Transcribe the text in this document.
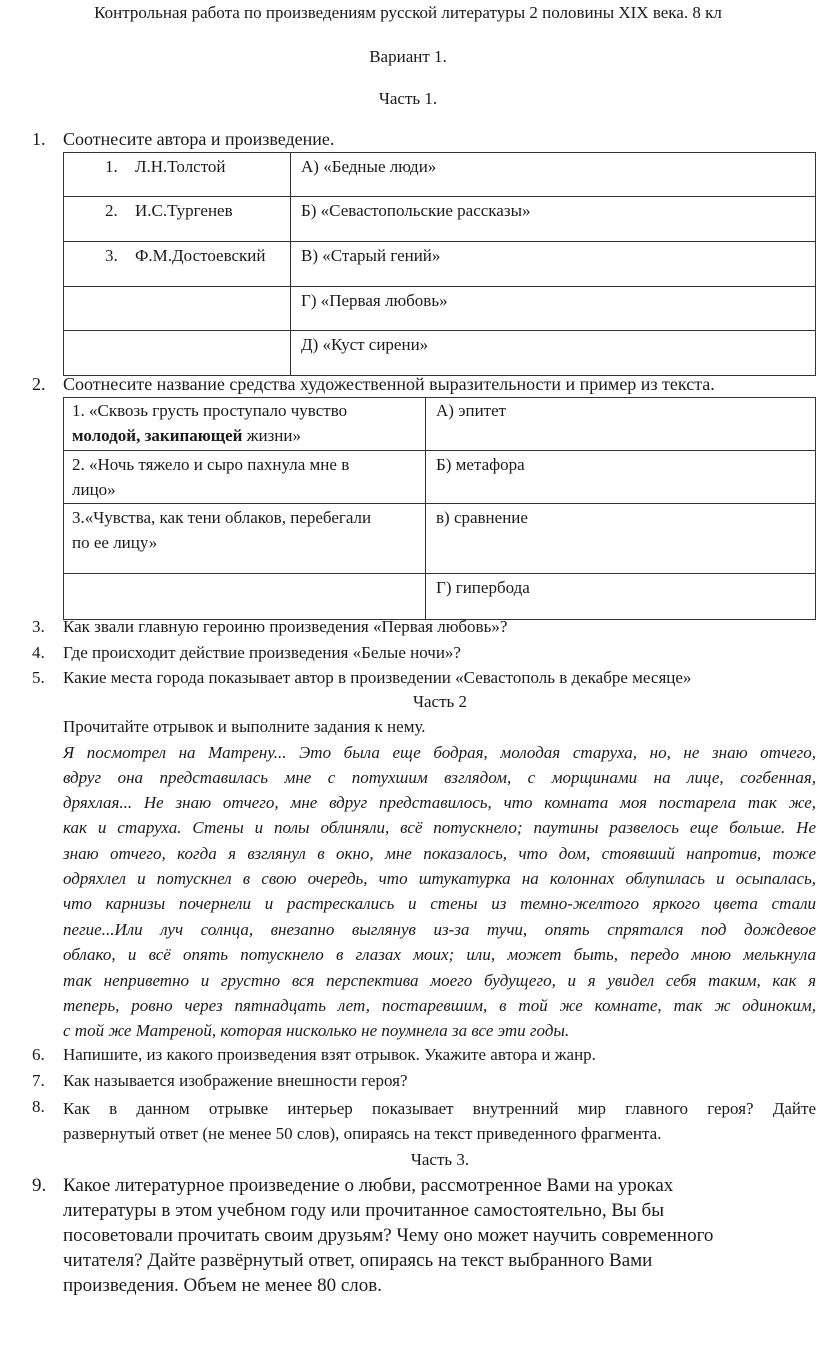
Контрольная работа по произведениям русской литературы 2 половины XIX века. 8 кл
Вариант 1.
Часть 1.
1. Соотнесите автора и произведение.
1. Л.Н.Толстой	А) «Бедные люди»

2. И.С.Тургенев	Б) «Севастопольские рассказы»

3. Ф.М.Достоевский	В) «Старый гений»

	Г) «Первая любовь»

	Д) «Куст сирени»
2. Соотнесите название средства художественной выразительности и пример из текста.
1. «Сквозь грусть проступало чувство
молодой, закипающей жизни»	А) эпитет

2. «Ночь тяжело и сыро пахнула мне в
лицо»	Б) метафора

3.«Чувства, как тени облаков, перебегали
по ее лицу»	в) сравнение

	Г) гипербода
3. Как звали главную героиню произведения «Первая любовь»?
4. Где происходит действие произведения «Белые ночи»?
5. Какие места города показывает автор в произведении «Севастополь в декабре месяце»
Часть 2
Прочитайте отрывок и выполните задания к нему.
Я посмотрел на Матрену... Это была еще бодрая, молодая старуха, но, не знаю отчего,
вдруг она представилась мне с потухшим взглядом, с морщинами на лице, согбенная,
дряхлая... Не знаю отчего, мне вдруг представилось, что комната моя постарела так же,
как и старуха. Стены и полы облиняли, всё потускнело; паутины развелось еще больше. Не
знаю отчего, когда я взглянул в окно, мне показалось, что дом, стоявший напротив, тоже
одряхлел и потускнел в свою очередь, что штукатурка на колоннах облупилась и осыпалась,
что карнизы почернели и растрескались и стены из темно-желтого яркого цвета стали
пегие...Или луч солнца, внезапно выглянув из-за тучи, опять спрятался под дождевое
облако, и всё опять потускнело в глазах моих; или, может быть, передо мною мелькнула
так неприветно и грустно вся перспектива моего будущего, и я увидел себя таким, как я
теперь, ровно через пятнадцать лет, постаревшим, в той же комнате, так ж одиноким,
с той же Матреной, которая нисколько не поумнела за все эти годы.
6. Напишите, из какого произведения взят отрывок. Укажите автора и жанр.
7. Как называется изображение внешности героя?
8. Как в данном отрывке интерьер показывает внутренний мир главного героя? Дайте
развернутый ответ (не менее 50 слов), опираясь на текст приведенного фрагмента.
Часть 3.
9. Какое литературное произведение о любви, рассмотренное Вами на уроках
литературы в этом учебном году или прочитанное самостоятельно, Вы бы
посоветовали прочитать своим друзьям? Чему оно может научить современного
читателя? Дайте развёрнутый ответ, опираясь на текст выбранного Вами
произведения. Объем не менее 80 слов.
